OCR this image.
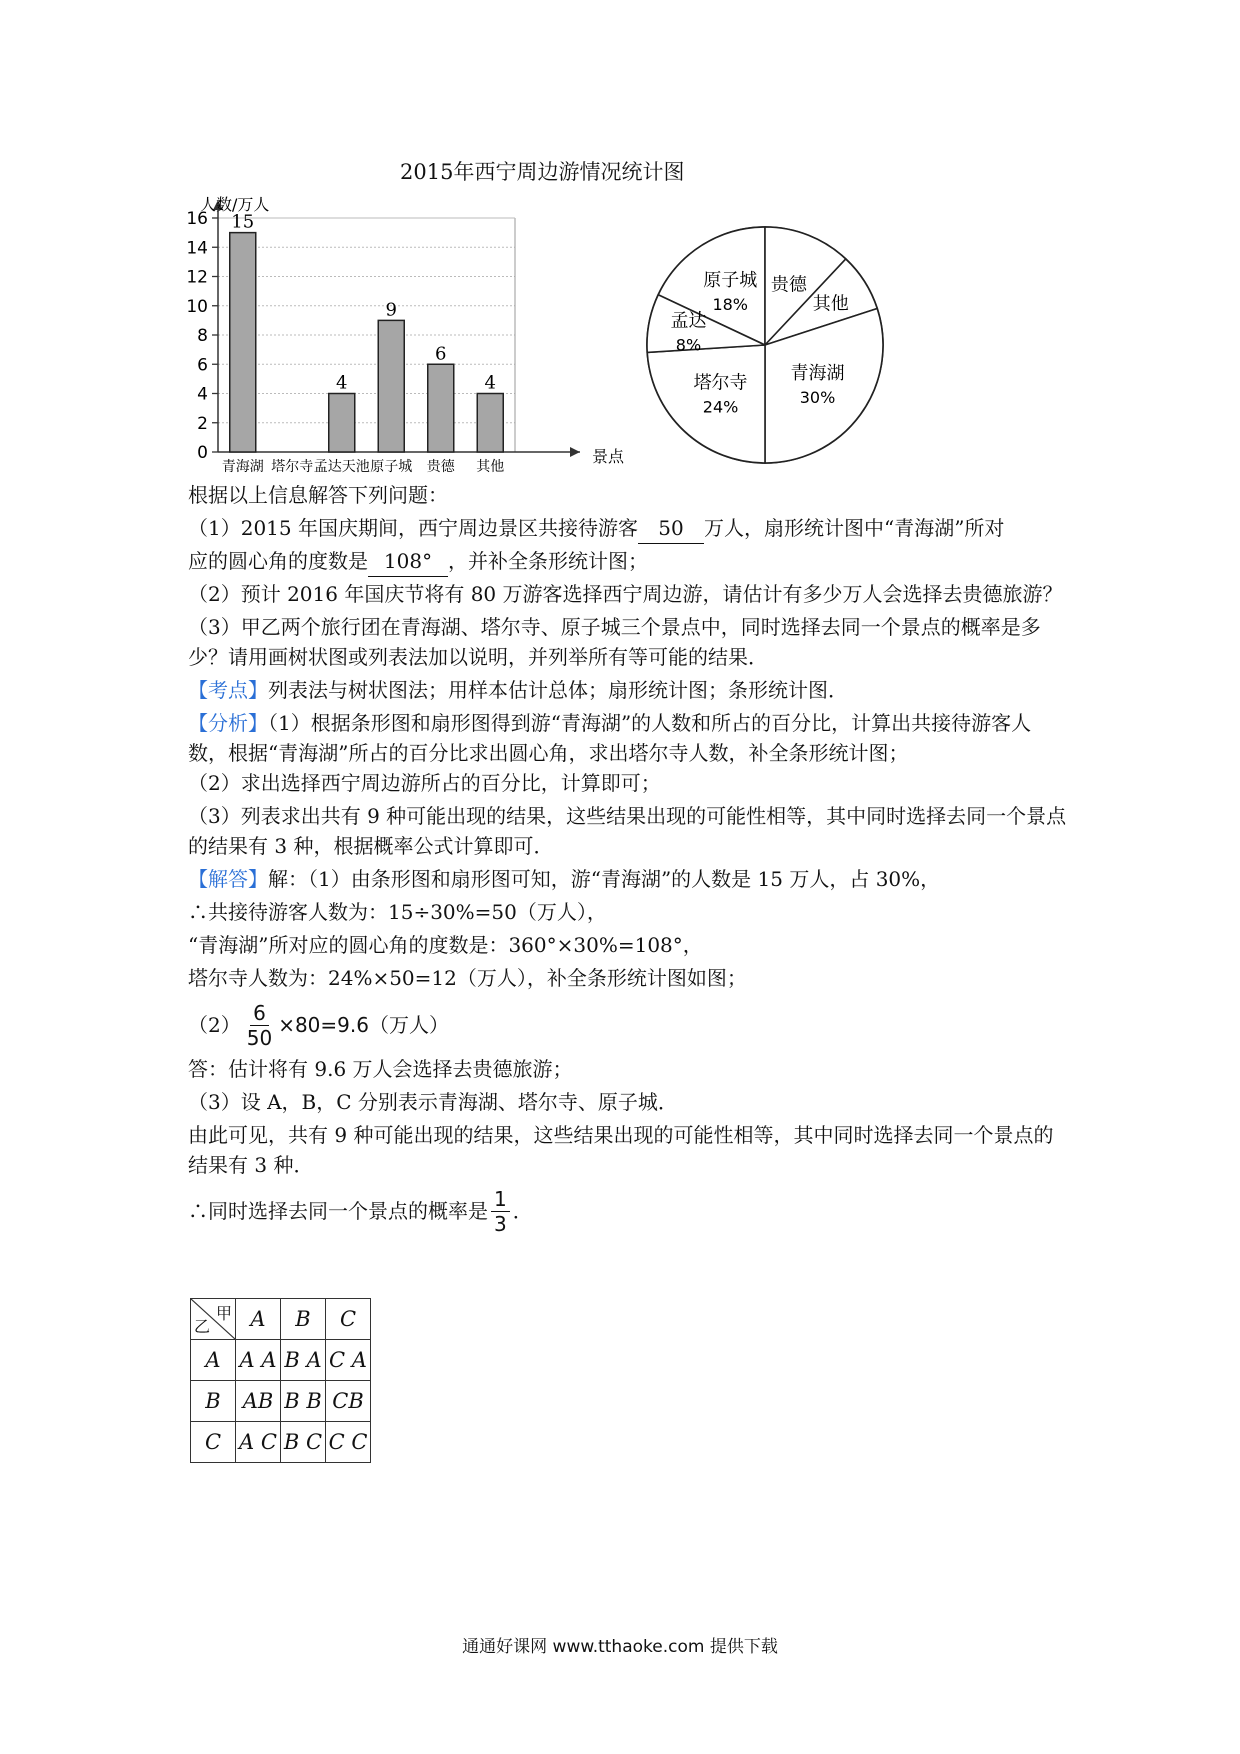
2015年西宁周边游情况统计图
0
2
4
6
8
10
12
14
16 15
4
9
6
4
青海湖 塔尔寺 孟达天池 原子城 贵德 其他
人数/万人
景点
原子城
18%
贵德
其他
青海湖
30%
塔尔寺
24%
孟达
8%

根据以上信息解答下列问题：

（1）2015 年国庆期间，西宁周边景区共接待游客 50 万人，扇形统计图中“青海湖”所对

应的圆心角的度数是 108° ，并补全条形统计图；

（2）预计 2016 年国庆节将有 80 万游客选择西宁周边游，请估计有多少万人会选择去贵德旅游？

（3）甲乙两个旅行团在青海湖、塔尔寺、原子城三个景点中，同时选择去同一个景点的概率是多少？请用画树状图或列表法加以说明，并列举所有等可能的结果．

【考点】列表法与树状图法；用样本估计总体；扇形统计图；条形统计图．

【分析】（1）根据条形图和扇形图得到游“青海湖”的人数和所占的百分比，计算出共接待游客人数，根据“青海湖”所占的百分比求出圆心角，求出塔尔寺人数，补全条形统计图；

（2）求出选择西宁周边游所占的百分比，计算即可；

（3）列表求出共有 9 种可能出现的结果，这些结果出现的可能性相等，其中同时选择去同一个景点的结果有 3 种，根据概率公式计算即可．

【解答】解：（1）由条形图和扇形图可知，游“青海湖”的人数是 15 万人，占 30%，

∴共接待游客人数为：15÷30%=50（万人），

“青海湖”所对应的圆心角的度数是：360°×30%=108°，

塔尔寺人数为：24%×50=12（万人），补全条形统计图如图；

$(2) \frac{6}{50} \times 80=9.6$（万人）

答：估计将有 9.6 万人会选择去贵德旅游；

（3）设 A，B，C 分别表示青海湖、塔尔寺、原子城．

由此可见，共有 9 种可能出现的结果，这些结果出现的可能性相等，其中同时选择去同一个景点的结果有 3 种．

∴同时选择去同一个景点的概率是 $\frac{1}{3}$ ．

甲
乙	A	B	C
A	A A	B A	C A
B	AB	B B	CB
C	A C	B C	C C
通通好课网 www.tthaoke.com 提供下载
